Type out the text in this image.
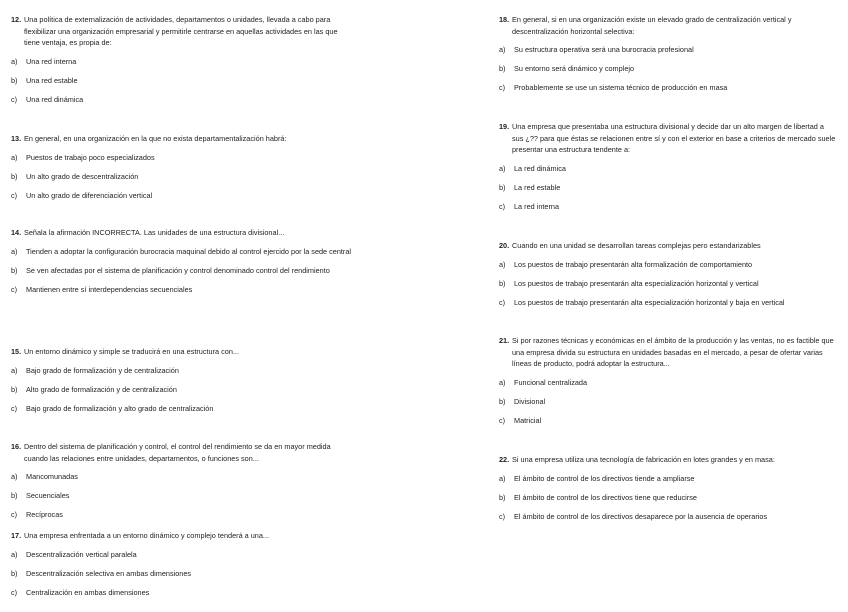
12. Una política de externalización de actividades, departamentos o unidades, llevada a cabo para flexibilizar una organización empresarial y permitirle centrarse en aquellas actividades en las que tiene ventaja, es propia de:

a) Una red interna
b) Una red estable
c) Una red dinámica

13. En general, en una organización en la que no exista departamentalización habrá:

a) Puestos de trabajo poco especializados
b) Un alto grado de descentralización
c) Un alto grado de diferenciación vertical

14. Señala la afirmación INCORRECTA. Las unidades de una estructura divisional...

a) Tienden a adoptar la configuración burocracia maquinal debido al control ejercido por la sede central
b) Se ven afectadas por el sistema de planificación y control denominado control del rendimiento
c) Mantienen entre sí interdependencias secuenciales

15. Un entorno dinámico y simple se traducirá en una estructura con...

a) Bajo grado de formalización y de centralización
b) Alto grado de formalización y de centralización
c) Bajo grado de formalización y alto grado de centralización

16. Dentro del sistema de planificación y control, el control del rendimiento se da en mayor medida cuando las relaciones entre unidades, departamentos, o funciones son...

a) Mancomunadas
b) Secuenciales
c) Recíprocas

17. Una empresa enfrentada a un entorno dinámico y complejo tenderá a una...

a) Descentralización vertical paralela
b) Descentralización selectiva en ambas dimensiones
c) Centralización en ambas dimensiones

18. En general, si en una organización existe un elevado grado de centralización vertical y descentralización horizontal selectiva:

a) Su estructura operativa será una burocracia profesional
b) Su entorno será dinámico y complejo
c) Probablemente se use un sistema técnico de producción en masa

19. Una empresa que presentaba una estructura divisional y decide dar un alto margen de libertad a sus ¿?? para que éstas se relacionen entre sí y con el exterior en base a criterios de mercado suele presentar una estructura tendente a:

a) La red dinámica
b) La red estable
c) La red interna

20. Cuando en una unidad se desarrollan tareas complejas pero estandarizables

a) Los puestos de trabajo presentarán alta formalización de comportamiento
b) Los puestos de trabajo presentarán alta especialización horizontal y vertical
c) Los puestos de trabajo presentarán alta especialización horizontal y baja en vertical

21. Si por razones técnicas y económicas en el ámbito de la producción y las ventas, no es factible que una empresa divida su estructura en unidades basadas en el mercado, a pesar de ofertar varias líneas de producto, podrá adoptar la estructura...

a) Funcional centralizada
b) Divisional
c) Matricial

22. Si una empresa utiliza una tecnología de fabricación en lotes grandes y en masa:

a) El ámbito de control de los directivos tiende a ampliarse
b) El ámbito de control de los directivos tiene que reducirse
c) El ámbito de control de los directivos desaparece por la ausencia de operarios
